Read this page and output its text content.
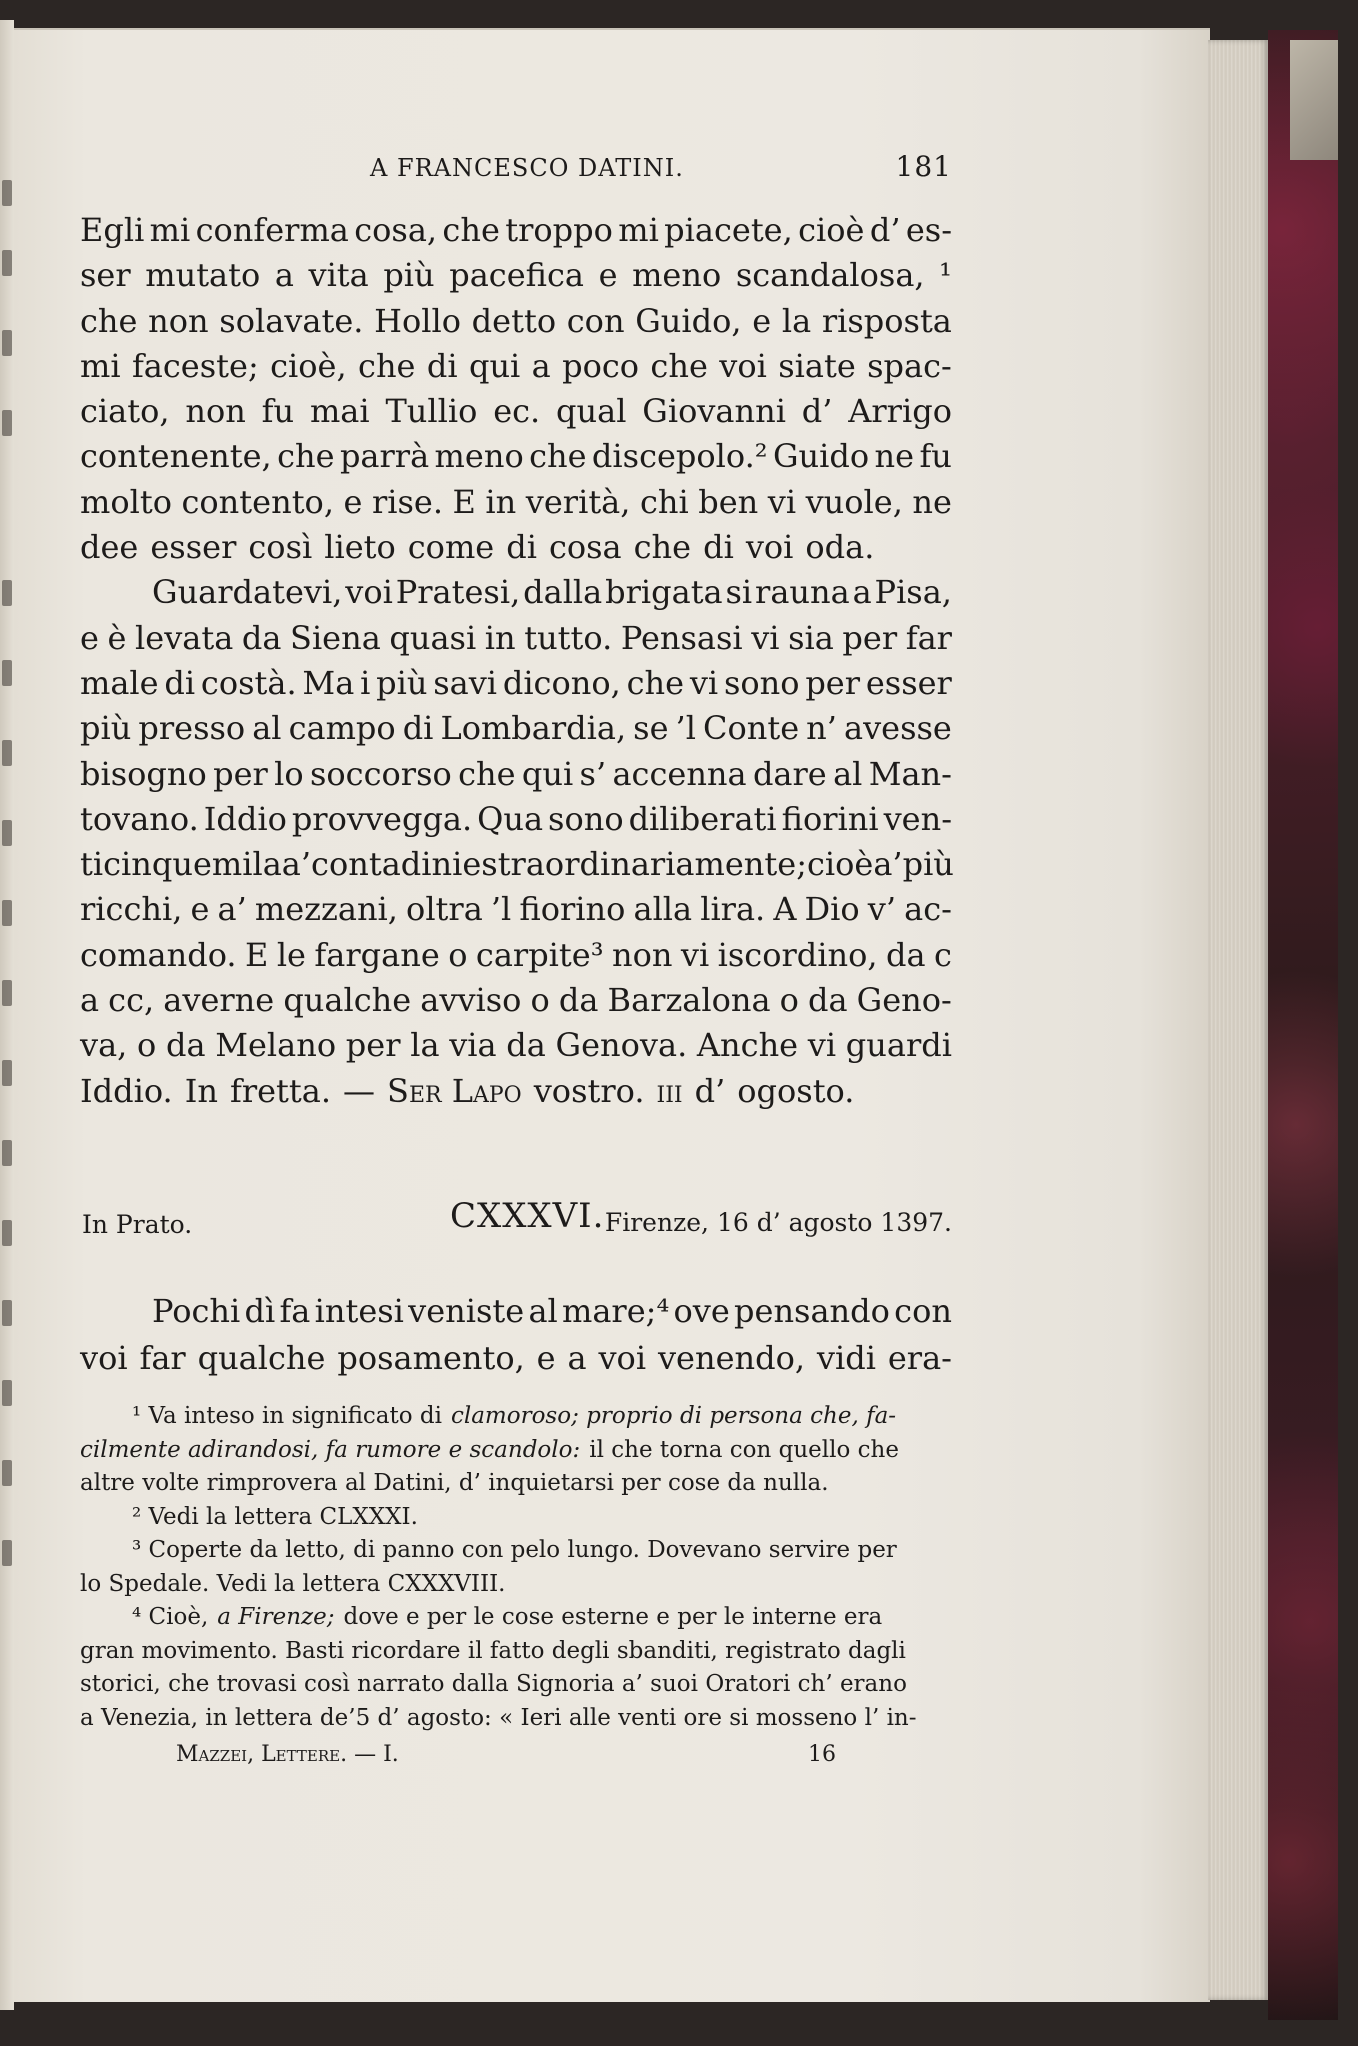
A FRANCESCO DATINI.	181
Egli mi conferma cosa, che troppo mi piacete, cioè d’ es-
ser mutato a vita più pacefica e meno scandalosa, ¹
che non solavate. Hollo detto con Guido, e la risposta
mi faceste; cioè, che di qui a poco che voi siate spac-
ciato, non fu mai Tullio ec. qual Giovanni d’ Arrigo
contenente, che parrà meno che discepolo.² Guido ne fu
molto contento, e rise. E in verità, chi ben vi vuole, ne
dee esser così lieto come di cosa che di voi oda.
Guardatevi, voi Pratesi, dalla brigata si rauna a Pisa,
e è levata da Siena quasi in tutto. Pensasi vi sia per far
male di costà. Ma i più savi dicono, che vi sono per esser
più presso al campo di Lombardia, se ’l Conte n’ avesse
bisogno per lo soccorso che qui s’ accenna dare al Man-
tovano. Iddio provvegga. Qua sono diliberati fiorini ven-
ticinquemila a’ contadini estraordinariamente; cioè a’ più
ricchi, e a’ mezzani, oltra ’l fiorino alla lira. A Dio v’ ac-
comando. E le fargane o carpite³ non vi iscordino, da c
a cc, averne qualche avviso o da Barzalona o da Geno-
va, o da Melano per la via da Genova. Anche vi guardi
Iddio. In fretta. — Ser Lapo vostro. iii d’ ogosto.
In Prato.	CXXXVI. Firenze, 16 d’ agosto 1397.
Pochi dì fa intesi veniste al mare;⁴ ove pensando con
voi far qualche posamento, e a voi venendo, vidi era-
¹ Va inteso in significato di clamoroso; proprio di persona che, fa-
cilmente adirandosi, fa rumore e scandolo: il che torna con quello che
altre volte rimprovera al Datini, d’ inquietarsi per cose da nulla.
² Vedi la lettera CLXXXI.
³ Coperte da letto, di panno con pelo lungo. Dovevano servire per
lo Spedale. Vedi la lettera CXXXVIII.
⁴ Cioè, a Firenze; dove e per le cose esterne e per le interne era
gran movimento. Basti ricordare il fatto degli sbanditi, registrato dagli
storici, che trovasi così narrato dalla Signoria a’ suoi Oratori ch’ erano
a Venezia, in lettera de’5 d’ agosto: « Ieri alle venti ore si mosseno l’ in-
Mazzei, Lettere. — I.	16
